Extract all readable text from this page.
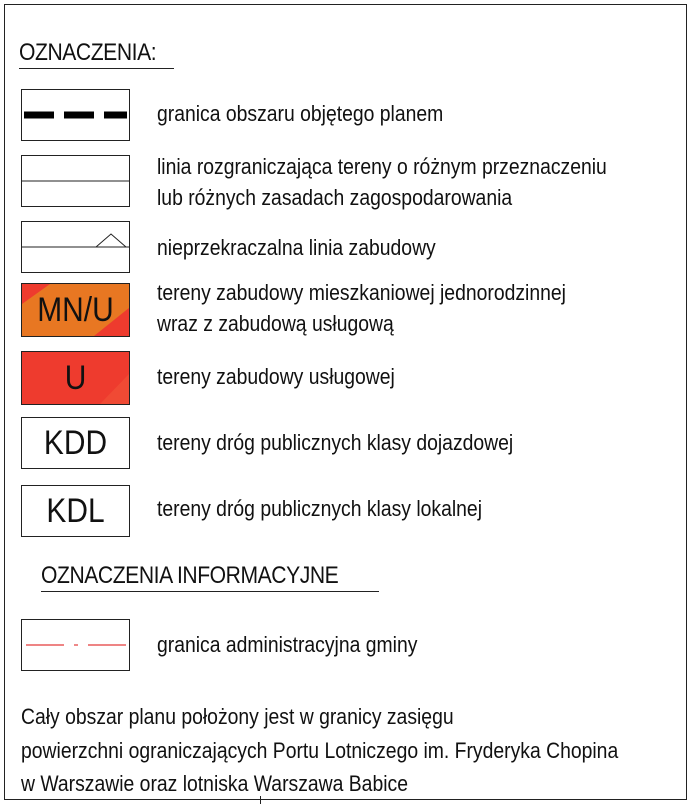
OZNACZENIA:
granica obszaru objętego planem
linia rozgraniczająca tereny o różnym przeznaczeniu
lub różnych zasadach zagospodarowania
nieprzekraczalna linia zabudowy
MN/U	tereny zabudowy mieszkaniowej jednorodzinnej
wraz z zabudową usługową
U	tereny zabudowy usługowej
KDD	tereny dróg publicznych klasy dojazdowej
KDL	tereny dróg publicznych klasy lokalnej
OZNACZENIA INFORMACYJNE
granica administracyjna gminy
Cały obszar planu położony jest w granicy zasięgu
powierzchni ograniczających Portu Lotniczego im. Fryderyka Chopina
w Warszawie oraz lotniska Warszawa Babice
